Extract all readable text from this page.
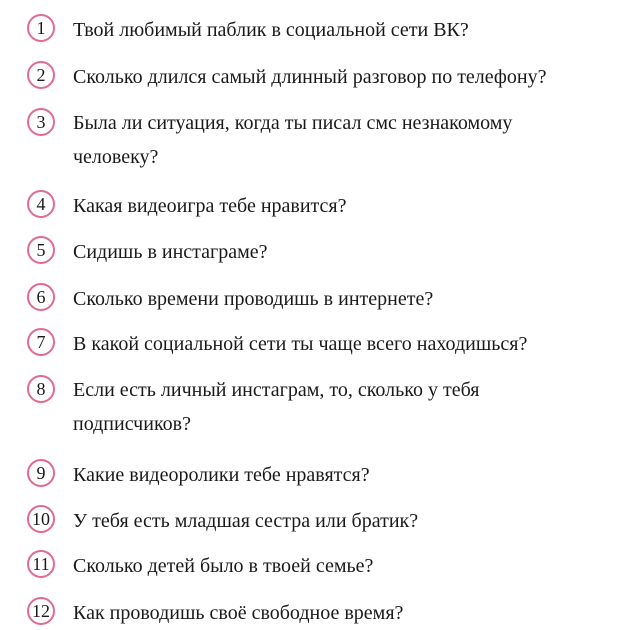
1	Твой любимый паблик в социальной сети ВК?
2	Сколько длился самый длинный разговор по телефону?
3	Была ли ситуация, когда ты писал смс незнакомому человеку?
4	Какая видеоигра тебе нравится?
5	Сидишь в инстаграме?
6	Сколько времени проводишь в интернете?
7	В какой социальной сети ты чаще всего находишься?
8	Если есть личный инстаграм, то, сколько у тебя подписчиков?
9	Какие видеоролики тебе нравятся?
10 У тебя есть младшая сестра или братик?
11 Сколько детей было в твоей семье?
12 Как проводишь своё свободное время?
